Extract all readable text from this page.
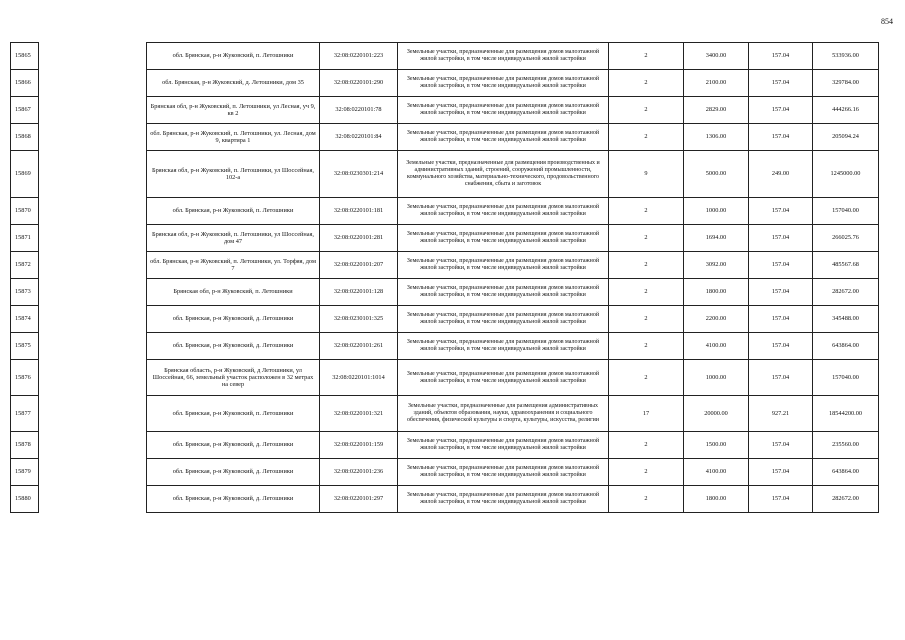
854
15865		обл. Брянская, р-н Жуковский, п. Летошники	32:08:0220101:223	Земельные участки, предназначенные для размещения домов малоэтажной жилой застройки, в том числе индивидуальной жилой застройки	2	3400.00	157.04	533936.00
15866		обл. Брянская, р-н Жуковский, д. Летошники, дом 35	32:08:0220101:290	Земельные участки, предназначенные для размещения домов малоэтажной жилой застройки, в том числе индивидуальной жилой застройки	2	2100.00	157.04	329784.00
15867		Брянская обл, р-н Жуковский, п. Летошники, ул Лесная, уч 9, кв 2	32:08:0220101:78	Земельные участки, предназначенные для размещения домов малоэтажной жилой застройки, в том числе индивидуальной жилой застройки	2	2829.00	157.04	444266.16
15868		обл. Брянская, р-н Жуковский, п. Летошники, ул. Лесная, дом 9, квартира 1	32:08:0220101:84	Земельные участки, предназначенные для размещения домов малоэтажной жилой застройки, в том числе индивидуальной жилой застройки	2	1306.00	157.04	205094.24
15869		Брянская обл, р-н Жуковский, п. Летошники, ул Шоссейная, 102-а	32:08:0230301:214	Земельные участки, предназначенные для размещения производственных и административных зданий, строений, сооружений промышленности, коммунального хозяйства, материально-технического, продовольственного снабжения, сбыта и заготовок	9	5000.00	249.00	1245000.00
15870		обл. Брянская, р-н Жуковский, п. Летошники	32:08:0220101:181	Земельные участки, предназначенные для размещения домов малоэтажной жилой застройки, в том числе индивидуальной жилой застройки	2	1000.00	157.04	157040.00
15871		Брянская обл, р-н Жуковский, п. Летошники, ул Шоссейная, дом 47	32:08:0220101:281	Земельные участки, предназначенные для размещения домов малоэтажной жилой застройки, в том числе индивидуальной жилой застройки	2	1694.00	157.04	266025.76
15872		обл. Брянская, р-н Жуковский, п. Летошники, ул. Торфяя, дом 7	32:08:0220101:207	Земельные участки, предназначенные для размещения домов малоэтажной жилой застройки, в том числе индивидуальной жилой застройки	2	3092.00	157.04	485567.68
15873		Брянская обл, р-н Жуковский, п. Летошники	32:08:0220101:128	Земельные участки, предназначенные для размещения домов малоэтажной жилой застройки, в том числе индивидуальной жилой застройки	2	1800.00	157.04	282672.00
15874		обл. Брянская, р-н Жуковский, д. Летошники	32:08:0230101:325	Земельные участки, предназначенные для размещения домов малоэтажной жилой застройки, в том числе индивидуальной жилой застройки	2	2200.00	157.04	345488.00
15875		обл. Брянская, р-н Жуковский, д. Летошники	32:08:0220101:261	Земельные участки, предназначенные для размещения домов малоэтажной жилой застройки, в том числе индивидуальной жилой застройки	2	4100.00	157.04	643864.00
15876		Брянская область, р-н Жуковский, д Летошники, ул Шоссейная, 66, земельный участок расположен в 32 метрах на север	32:08:0220101:1014	Земельные участки, предназначенные для размещения домов малоэтажной жилой застройки, в том числе индивидуальной жилой застройки	2	1000.00	157.04	157040.00
15877		обл. Брянская, р-н Жуковский, п. Летошники	32:08:0220101:321	Земельные участки, предназначенные для размещения административных зданий, объектов образования, науки, здравоохранения и социального обеспечения, физической культуры и спорта, культуры, искусства, религии	17	20000.00	927.21	18544200.00
15878		обл. Брянская, р-н Жуковский, д. Летошники	32:08:0220101:159	Земельные участки, предназначенные для размещения домов малоэтажной жилой застройки, в том числе индивидуальной жилой застройки	2	1500.00	157.04	235560.00
15879		обл. Брянская, р-н Жуковский, д. Летошники	32:08:0220101:236	Земельные участки, предназначенные для размещения домов малоэтажной жилой застройки, в том числе индивидуальной жилой застройки	2	4100.00	157.04	643864.00
15880		обл. Брянская, р-н Жуковский, д. Летошники	32:08:0220101:297	Земельные участки, предназначенные для размещения домов малоэтажной жилой застройки, в том числе индивидуальной жилой застройки	2	1800.00	157.04	282672.00
